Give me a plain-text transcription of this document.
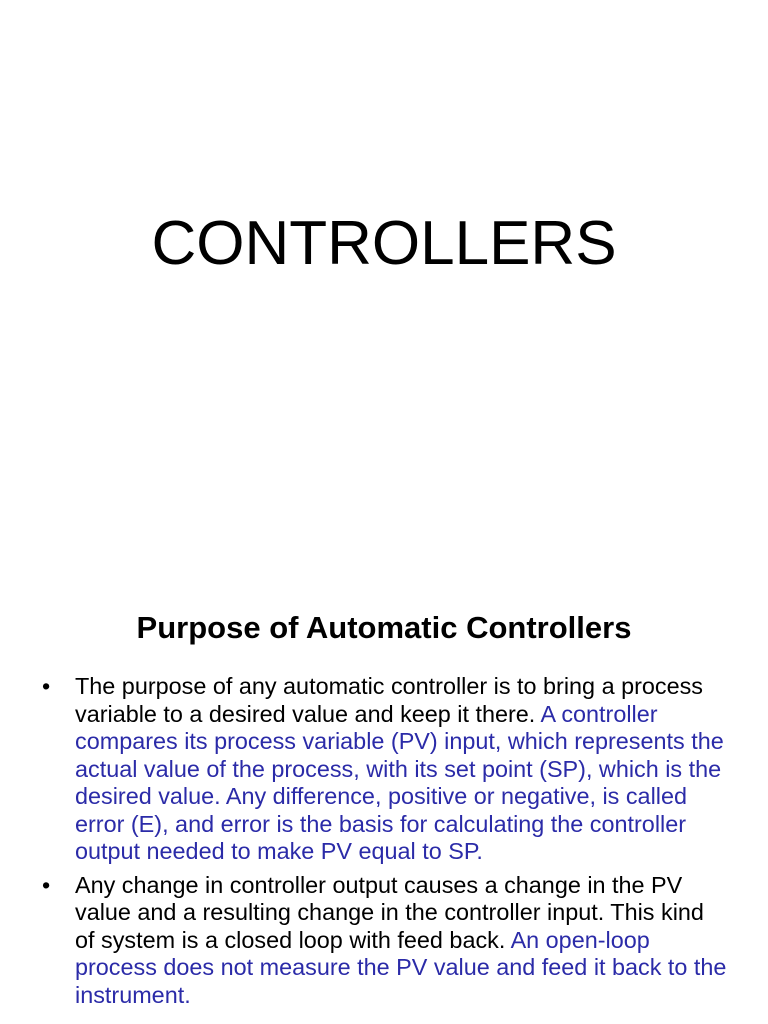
CONTROLLERS
Purpose of Automatic Controllers
• The purpose of any automatic controller is to bring a process variable to a desired value and keep it there. A controller compares its process variable (PV) input, which represents the actual value of the process, with its set point (SP), which is the desired value. Any difference, positive or negative, is called error (E), and error is the basis for calculating the controller output needed to make PV equal to SP.
• Any change in controller output causes a change in the PV value and a resulting change in the controller input. This kind of system is a closed loop with feed back. An open-loop process does not measure the PV value and feed it back to the instrument.
